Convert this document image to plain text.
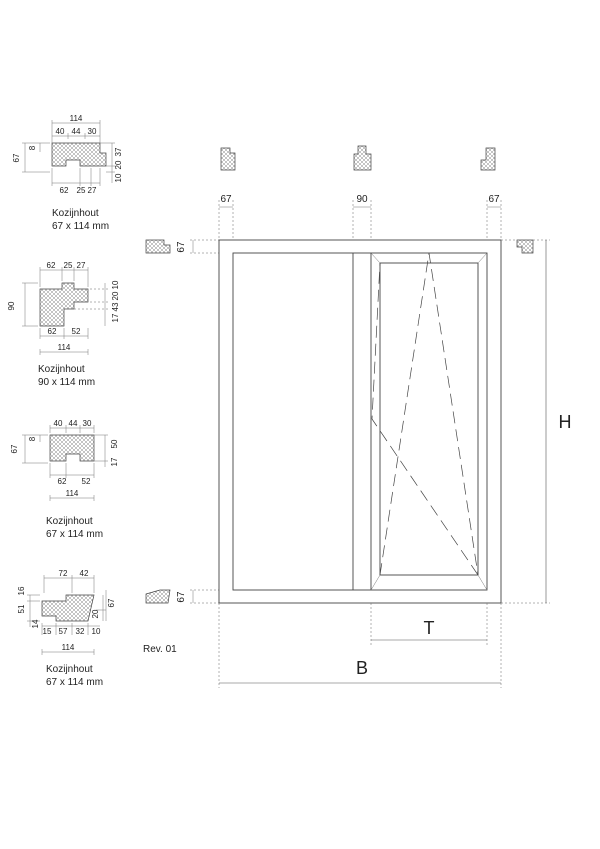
114
40 44 30
67
8	37
20
10
62 25 27
Kozijnhout
67 x 114 mm
62 25 27
90
10
20
43
17
62 52
114
Kozijnhout
90 x 114 mm
40 44 30
67
8
50
17
62 52
114
Kozijnhout
67 x 114 mm
72 42
16
51
14
20
67
15 57 32 10
114
Kozijnhout
67 x 114 mm
Rev. 01
67	90	67
67
67
H
T
B
